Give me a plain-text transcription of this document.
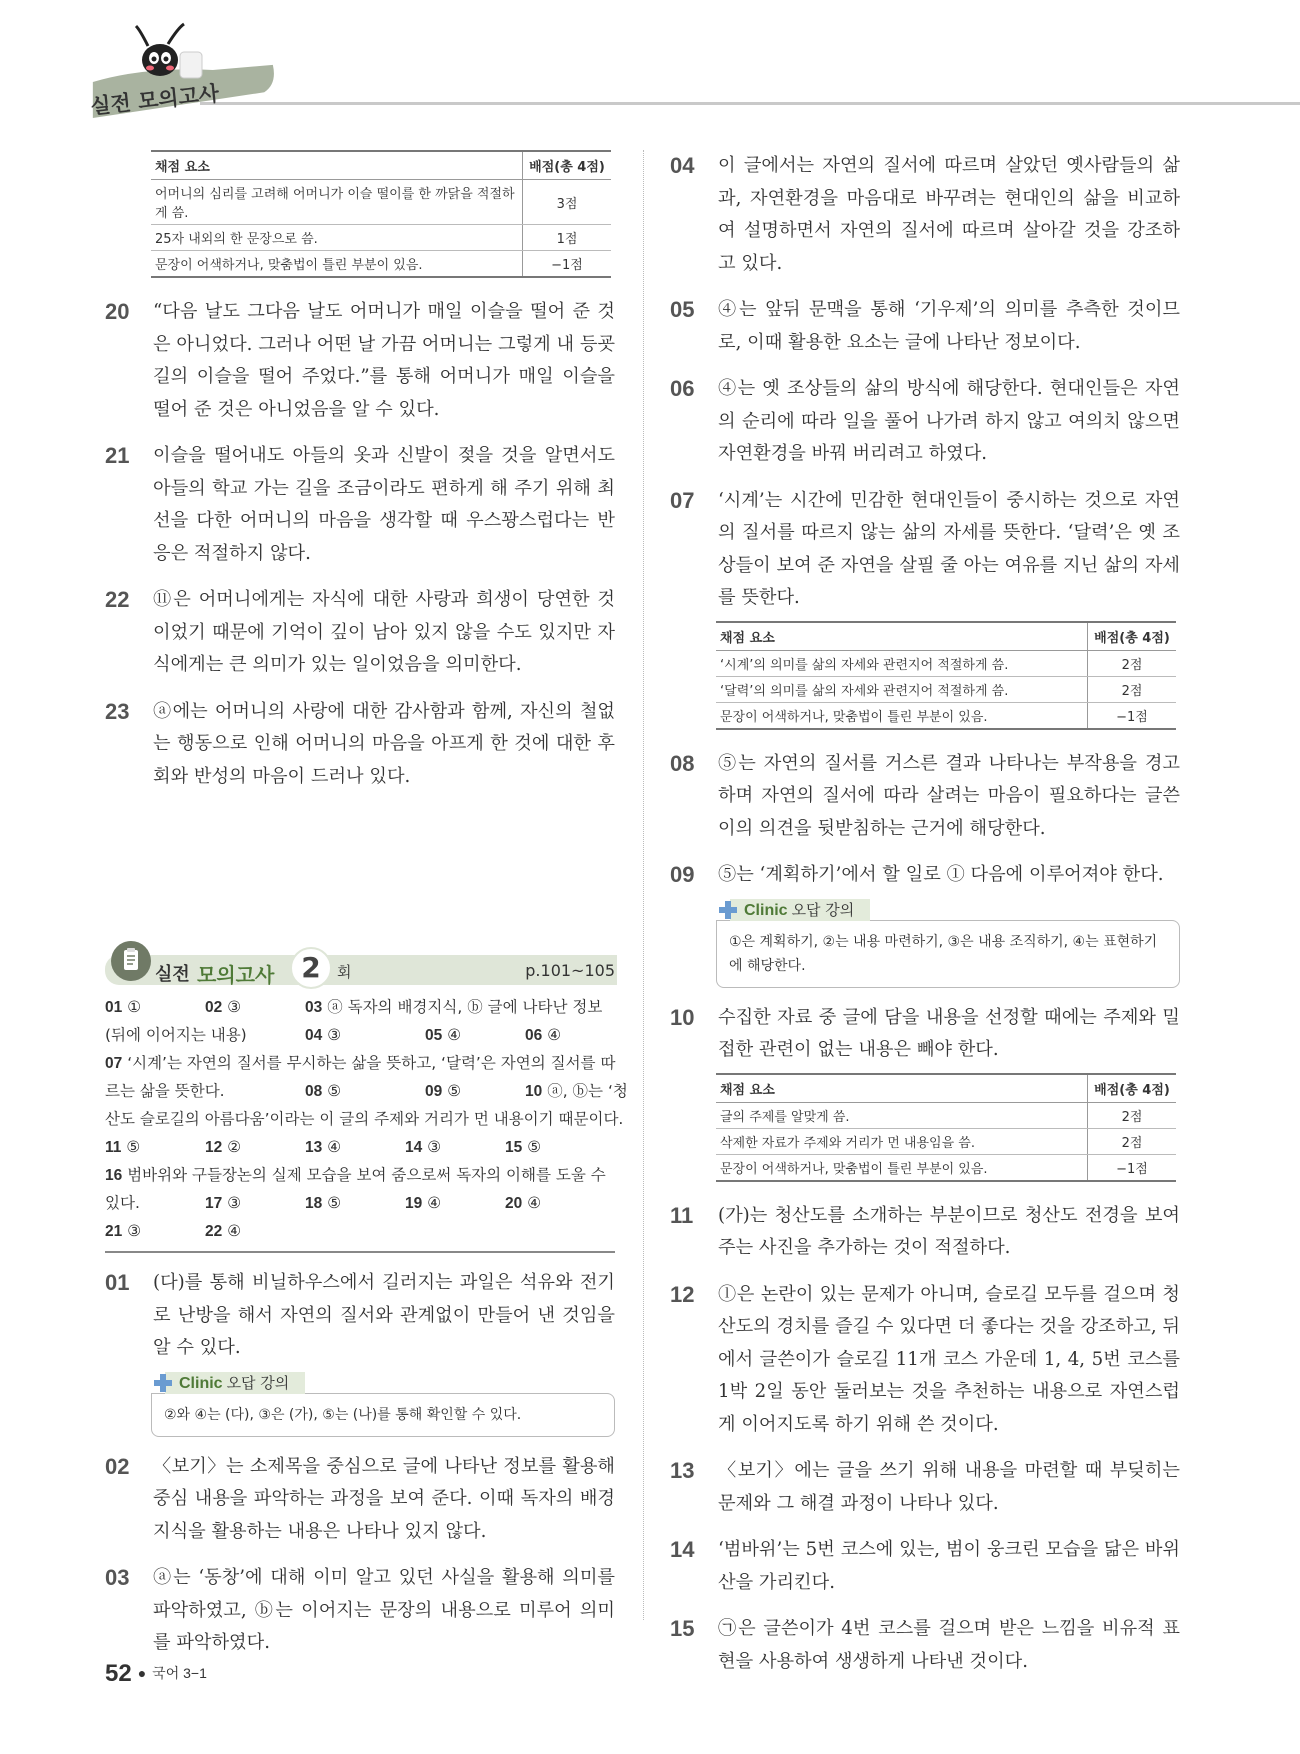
실전 모의고사
채점 요소	배점(총 4점)
어머니의 심리를 고려해 어머니가 이슬 떨이를 한 까닭을 적절하게 씀.	3점
25자 내외의 한 문장으로 씀.	1점
문장이 어색하거나, 맞춤법이 틀린 부분이 있음.	−1점
20	“다음 날도 그다음 날도 어머니가 매일 이슬을 떨어 준 것은 아니었다. 그러나 어떤 날 가끔 어머니는 그렇게 내 등굣길의 이슬을 떨어 주었다.”를 통해 어머니가 매일 이슬을 떨어 준 것은 아니었음을 알 수 있다.
21	이슬을 떨어내도 아들의 옷과 신발이 젖을 것을 알면서도 아들의 학교 가는 길을 조금이라도 편하게 해 주기 위해 최선을 다한 어머니의 마음을 생각할 때 우스꽝스럽다는 반응은 적절하지 않다.
22	⑪은 어머니에게는 자식에 대한 사랑과 희생이 당연한 것이었기 때문에 기억이 깊이 남아 있지 않을 수도 있지만 자식에게는 큰 의미가 있는 일이었음을 의미한다.
23	ⓐ에는 어머니의 사랑에 대한 감사함과 함께, 자신의 철없는 행동으로 인해 어머니의 마음을 아프게 한 것에 대한 후회와 반성의 마음이 드러나 있다.
실전 모의고사 2	회	p.101~105
01 ①	02 ③	03 ⓐ 독자의 배경지식, ⓑ 글에 나타난 정보
(뒤에 이어지는 내용)	04 ③	05 ④	06 ④
07 ‘시계’는 자연의 질서를 무시하는 삶을 뜻하고, ‘달력’은 자연의 질서를 따
르는 삶을 뜻한다.	08 ⑤	09 ⑤	10 ⓐ, ⓑ는 ‘청
산도 슬로길의 아름다움’이라는 이 글의 주제와 거리가 먼 내용이기 때문이다.
11 ⑤	12 ②	13 ④	14 ③	15 ⑤
16 범바위와 구들장논의 실제 모습을 보여 줌으로써 독자의 이해를 도울 수
있다.	17 ③	18 ⑤	19 ④	20 ④
21 ③	22 ④
01	(다)를 통해 비닐하우스에서 길러지는 과일은 석유와 전기로 난방을 해서 자연의 질서와 관계없이 만들어 낸 것임을 알 수 있다.
Clinic 오답 강의
②와 ④는 (다), ③은 (가), ⑤는 (나)를 통해 확인할 수 있다.
02	〈보기〉는 소제목을 중심으로 글에 나타난 정보를 활용해 중심 내용을 파악하는 과정을 보여 준다. 이때 독자의 배경지식을 활용하는 내용은 나타나 있지 않다.
03	ⓐ는 ‘동창’에 대해 이미 알고 있던 사실을 활용해 의미를 파악하였고, ⓑ는 이어지는 문장의 내용으로 미루어 의미를 파악하였다.
04	이 글에서는 자연의 질서에 따르며 살았던 옛사람들의 삶과, 자연환경을 마음대로 바꾸려는 현대인의 삶을 비교하여 설명하면서 자연의 질서에 따르며 살아갈 것을 강조하고 있다.
05	④는 앞뒤 문맥을 통해 ‘기우제’의 의미를 추측한 것이므로, 이때 활용한 요소는 글에 나타난 정보이다.
06	④는 옛 조상들의 삶의 방식에 해당한다. 현대인들은 자연의 순리에 따라 일을 풀어 나가려 하지 않고 여의치 않으면 자연환경을 바꿔 버리려고 하였다.
07	‘시계’는 시간에 민감한 현대인들이 중시하는 것으로 자연의 질서를 따르지 않는 삶의 자세를 뜻한다. ‘달력’은 옛 조상들이 보여 준 자연을 살필 줄 아는 여유를 지닌 삶의 자세를 뜻한다.
채점 요소	배점(총 4점)
‘시계’의 의미를 삶의 자세와 관련지어 적절하게 씀.	2점
‘달력’의 의미를 삶의 자세와 관련지어 적절하게 씀.	2점
문장이 어색하거나, 맞춤법이 틀린 부분이 있음.	−1점
08	⑤는 자연의 질서를 거스른 결과 나타나는 부작용을 경고하며 자연의 질서에 따라 살려는 마음이 필요하다는 글쓴이의 의견을 뒷받침하는 근거에 해당한다.
09	⑤는 ‘계획하기’에서 할 일로 ① 다음에 이루어져야 한다.
Clinic 오답 강의
①은 계획하기, ②는 내용 마련하기, ③은 내용 조직하기, ④는 표현하기에 해당한다.
10	수집한 자료 중 글에 담을 내용을 선정할 때에는 주제와 밀접한 관련이 없는 내용은 빼야 한다.
채점 요소	배점(총 4점)
글의 주제를 알맞게 씀.	2점
삭제한 자료가 주제와 거리가 먼 내용임을 씀.	2점
문장이 어색하거나, 맞춤법이 틀린 부분이 있음.	−1점
11	(가)는 청산도를 소개하는 부분이므로 청산도 전경을 보여 주는 사진을 추가하는 것이 적절하다.
12	ⓛ은 논란이 있는 문제가 아니며, 슬로길 모두를 걸으며 청산도의 경치를 즐길 수 있다면 더 좋다는 것을 강조하고, 뒤에서 글쓴이가 슬로길 11개 코스 가운데 1, 4, 5번 코스를 1박 2일 동안 둘러보는 것을 추천하는 내용으로 자연스럽게 이어지도록 하기 위해 쓴 것이다.
13	〈보기〉에는 글을 쓰기 위해 내용을 마련할 때 부딪히는 문제와 그 해결 과정이 나타나 있다.
14	‘범바위’는 5번 코스에 있는, 범이 웅크린 모습을 닮은 바위산을 가리킨다.
15	㉠은 글쓴이가 4번 코스를 걸으며 받은 느낌을 비유적 표현을 사용하여 생생하게 나타낸 것이다.
52 ● 국어 3−1
